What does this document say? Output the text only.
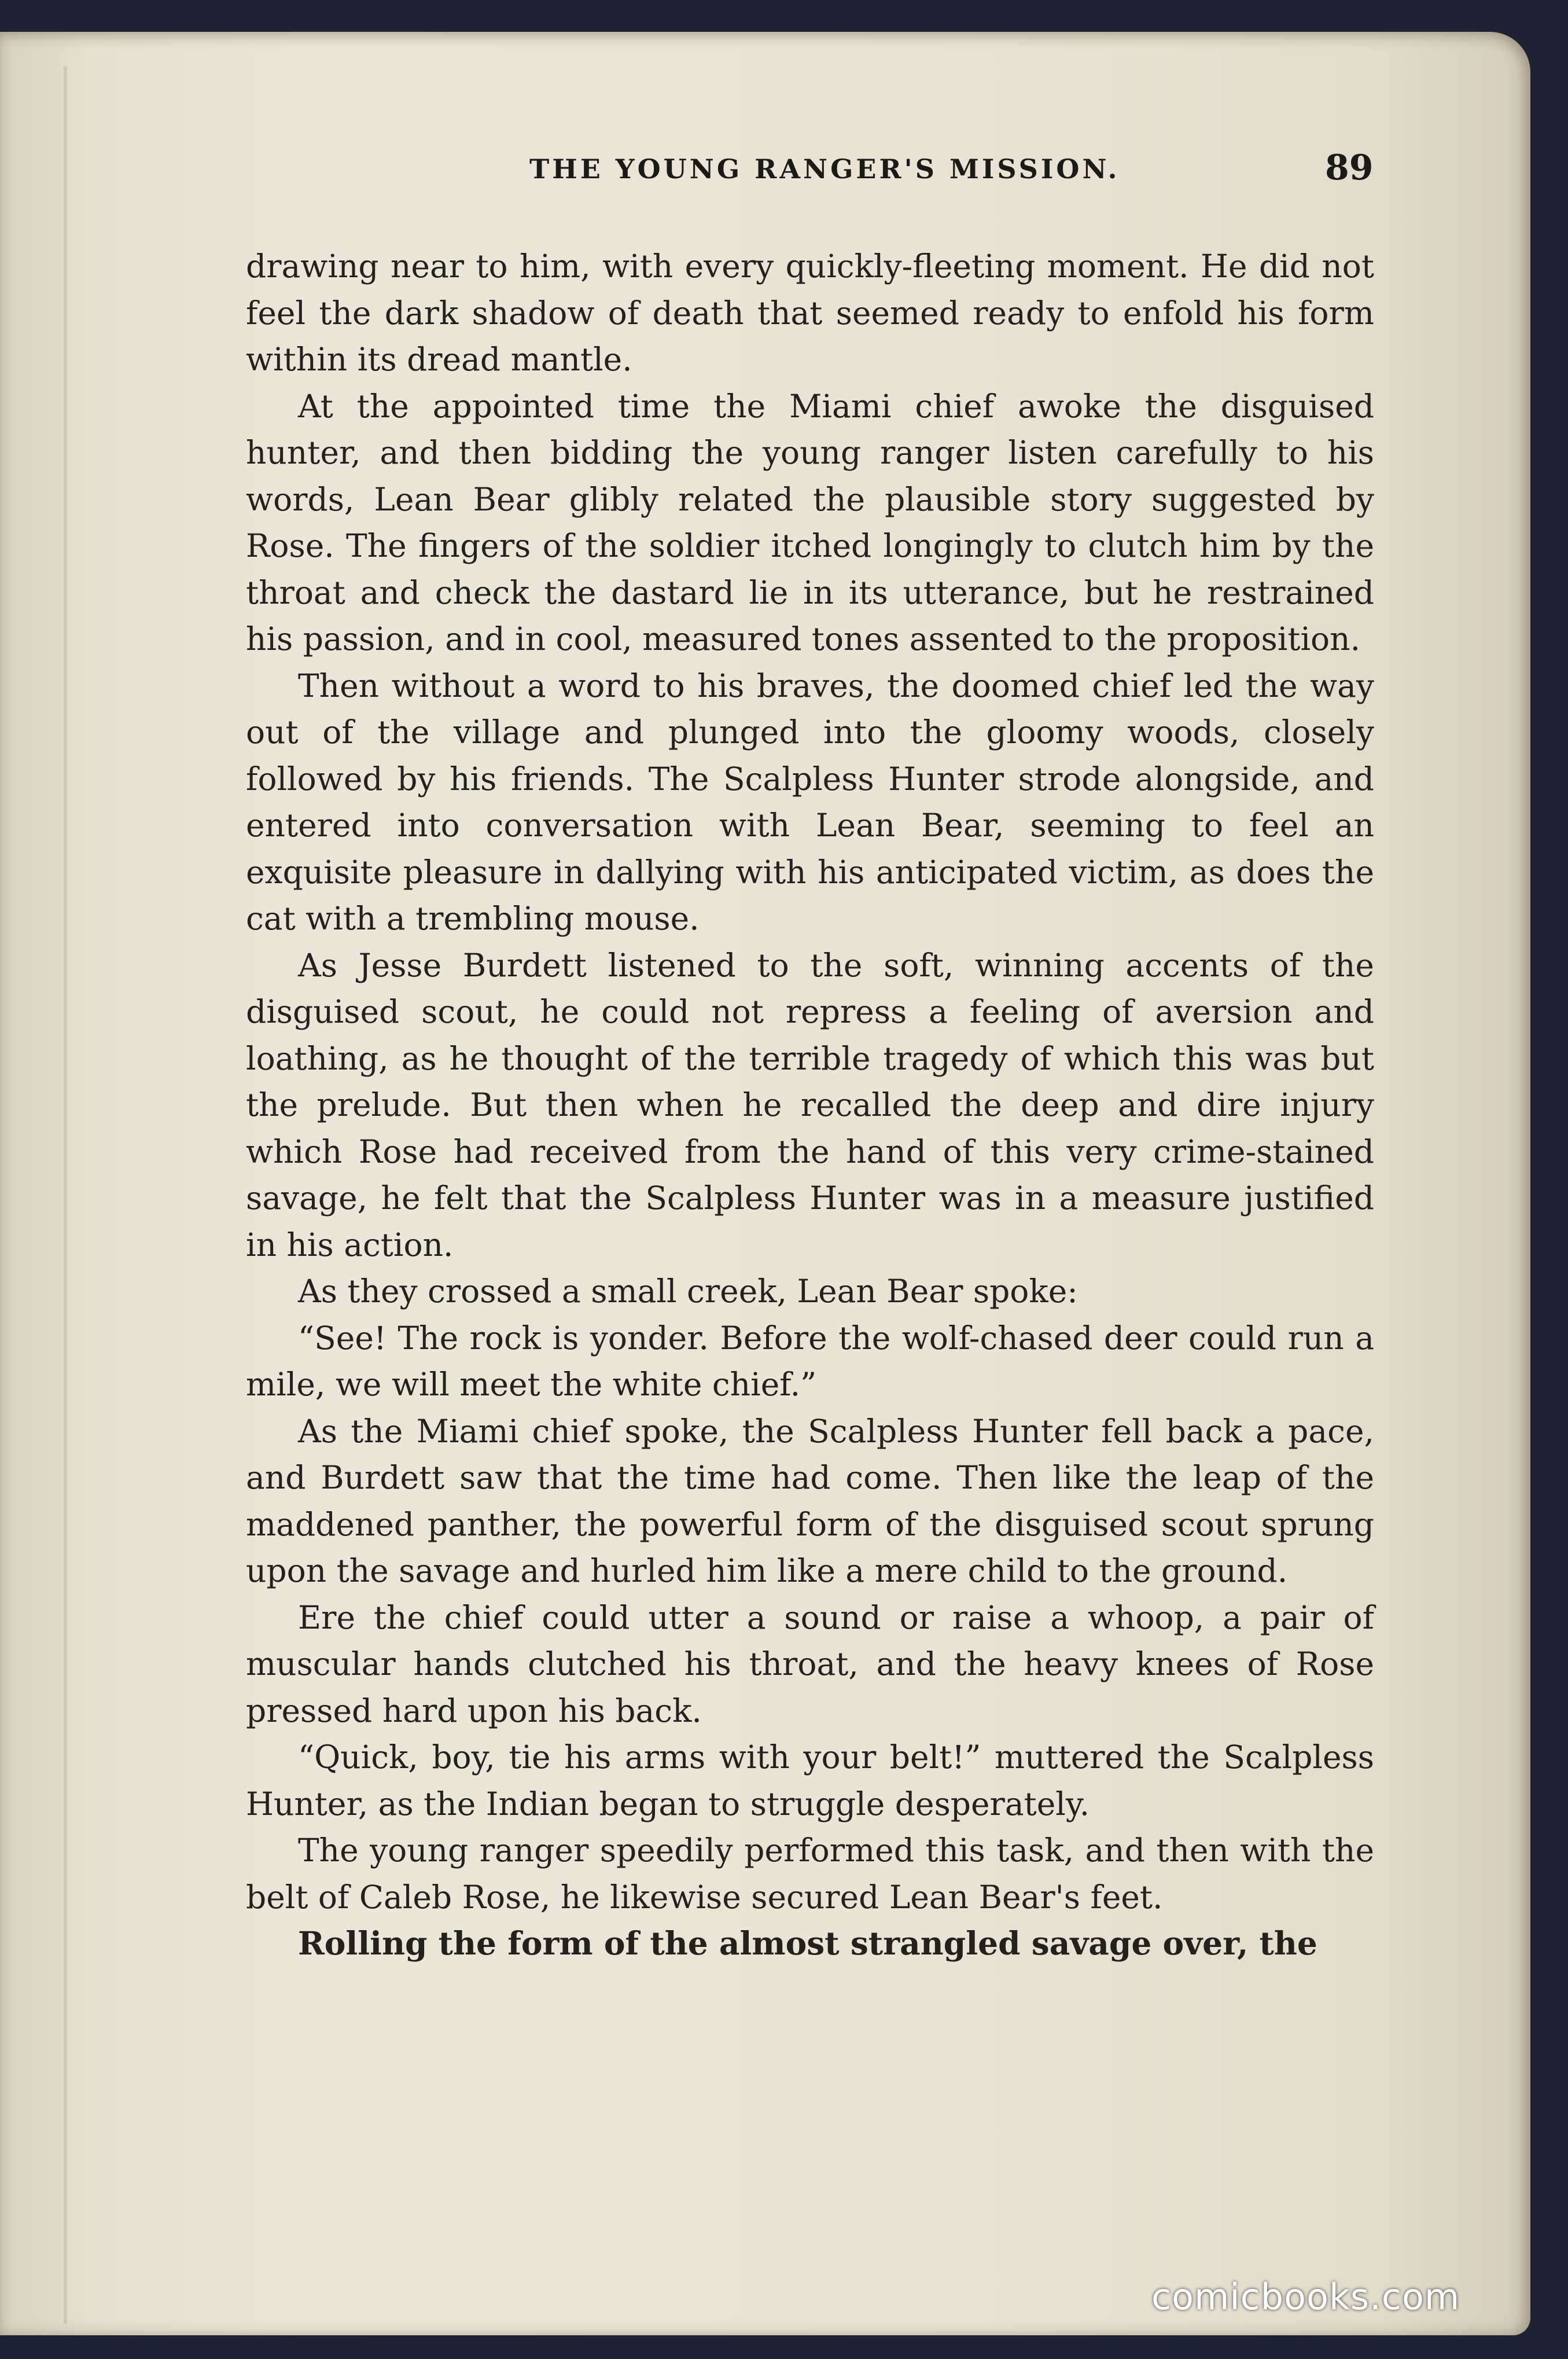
THE YOUNG RANGER'S MISSION.	89

drawing near to him, with every quickly-fleeting moment. He did not feel the dark shadow of death that seemed ready to enfold his form within its dread mantle.

At the appointed time the Miami chief awoke the disguised hunter, and then bidding the young ranger listen carefully to his words, Lean Bear glibly related the plausible story suggested by Rose. The fingers of the soldier itched longingly to clutch him by the throat and check the dastard lie in its utterance, but he restrained his passion, and in cool, measured tones assented to the proposition.

Then without a word to his braves, the doomed chief led the way out of the village and plunged into the gloomy woods, closely followed by his friends. The Scalpless Hunter strode alongside, and entered into conversation with Lean Bear, seeming to feel an exquisite pleasure in dallying with his anticipated victim, as does the cat with a trembling mouse.

As Jesse Burdett listened to the soft, winning accents of the disguised scout, he could not repress a feeling of aversion and loathing, as he thought of the terrible tragedy of which this was but the prelude. But then when he recalled the deep and dire injury which Rose had received from the hand of this very crime-stained savage, he felt that the Scalpless Hunter was in a measure justified in his action.

As they crossed a small creek, Lean Bear spoke:

“See! The rock is yonder. Before the wolf-chased deer could run a mile, we will meet the white chief.”

As the Miami chief spoke, the Scalpless Hunter fell back a pace, and Burdett saw that the time had come. Then like the leap of the maddened panther, the powerful form of the disguised scout sprung upon the savage and hurled him like a mere child to the ground.

Ere the chief could utter a sound or raise a whoop, a pair of muscular hands clutched his throat, and the heavy knees of Rose pressed hard upon his back.

“Quick, boy, tie his arms with your belt!” muttered the Scalpless Hunter, as the Indian began to struggle desperately.

The young ranger speedily performed this task, and then with the belt of Caleb Rose, he likewise secured Lean Bear's feet.

Rolling the form of the almost strangled savage over, the

comicbooks.com
